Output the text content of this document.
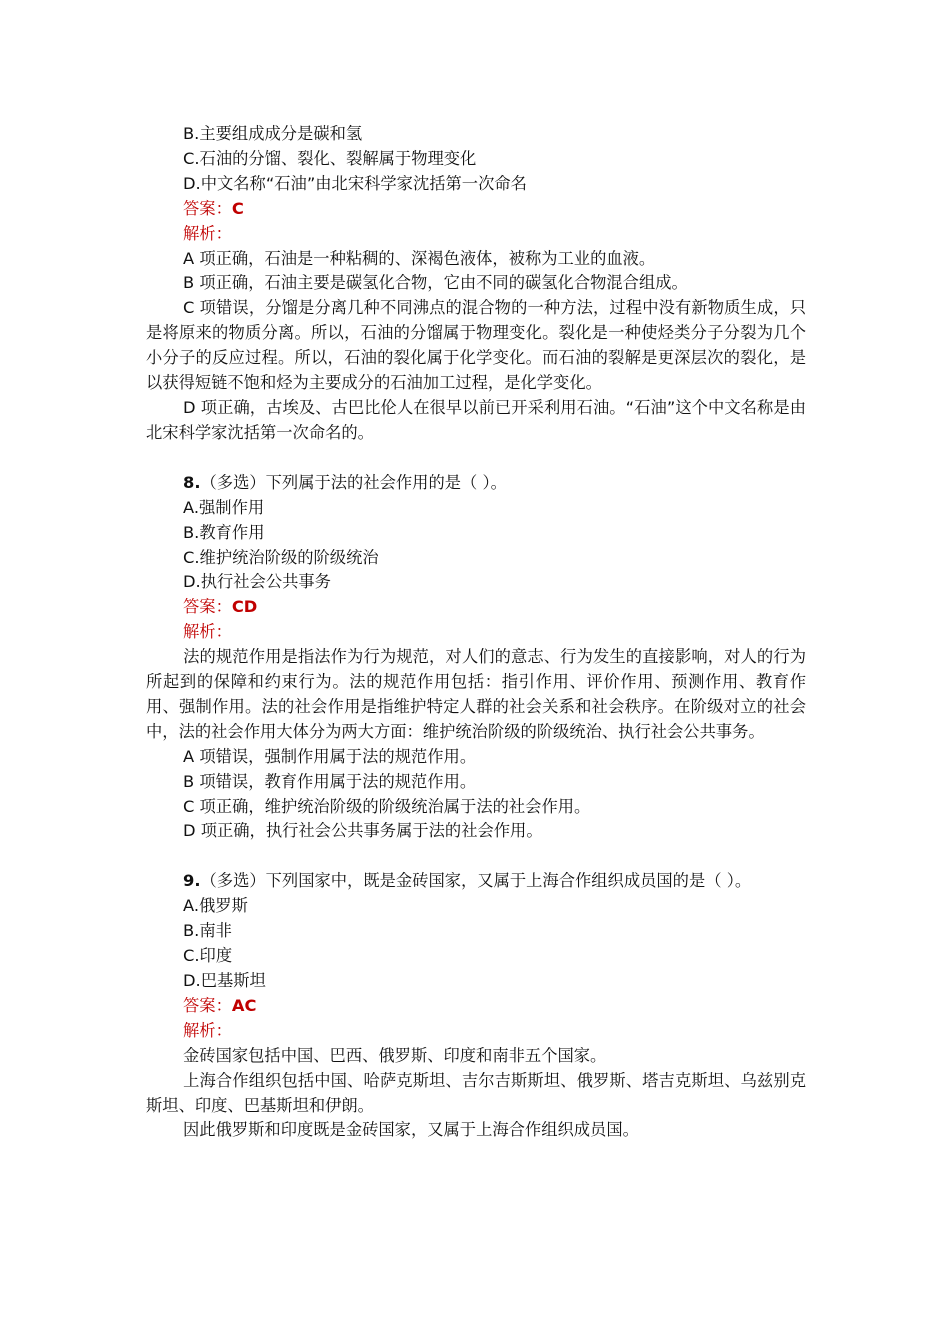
B.主要组成成分是碳和氢
C.石油的分馏、裂化、裂解属于物理变化
D.中文名称“石油”由北宋科学家沈括第一次命名
答案：C
解析：
A 项正确，石油是一种粘稠的、深褐色液体，被称为工业的血液。
B 项正确，石油主要是碳氢化合物，它由不同的碳氢化合物混合组成。
C 项错误，分馏是分离几种不同沸点的混合物的一种方法，过程中没有新物质生成，只是将原来的物质分离。所以，石油的分馏属于物理变化。裂化是一种使烃类分子分裂为几个小分子的反应过程。所以，石油的裂化属于化学变化。而石油的裂解是更深层次的裂化，是以获得短链不饱和烃为主要成分的石油加工过程，是化学变化。
D 项正确，古埃及、古巴比伦人在很早以前已开采利用石油。“石油”这个中文名称是由北宋科学家沈括第一次命名的。
8.（多选）下列属于法的社会作用的是（ ）。
A.强制作用
B.教育作用
C.维护统治阶级的阶级统治
D.执行社会公共事务
答案：CD
解析：
法的规范作用是指法作为行为规范，对人们的意志、行为发生的直接影响，对人的行为所起到的保障和约束行为。法的规范作用包括：指引作用、评价作用、预测作用、教育作用、强制作用。法的社会作用是指维护特定人群的社会关系和社会秩序。在阶级对立的社会中，法的社会作用大体分为两大方面：维护统治阶级的阶级统治、执行社会公共事务。
A 项错误，强制作用属于法的规范作用。
B 项错误，教育作用属于法的规范作用。
C 项正确，维护统治阶级的阶级统治属于法的社会作用。
D 项正确，执行社会公共事务属于法的社会作用。
9.（多选）下列国家中，既是金砖国家，又属于上海合作组织成员国的是（ ）。
A.俄罗斯
B.南非
C.印度
D.巴基斯坦
答案：AC
解析：
金砖国家包括中国、巴西、俄罗斯、印度和南非五个国家。
上海合作组织包括中国、哈萨克斯坦、吉尔吉斯斯坦、俄罗斯、塔吉克斯坦、乌兹别克斯坦、印度、巴基斯坦和伊朗。
因此俄罗斯和印度既是金砖国家，又属于上海合作组织成员国。
